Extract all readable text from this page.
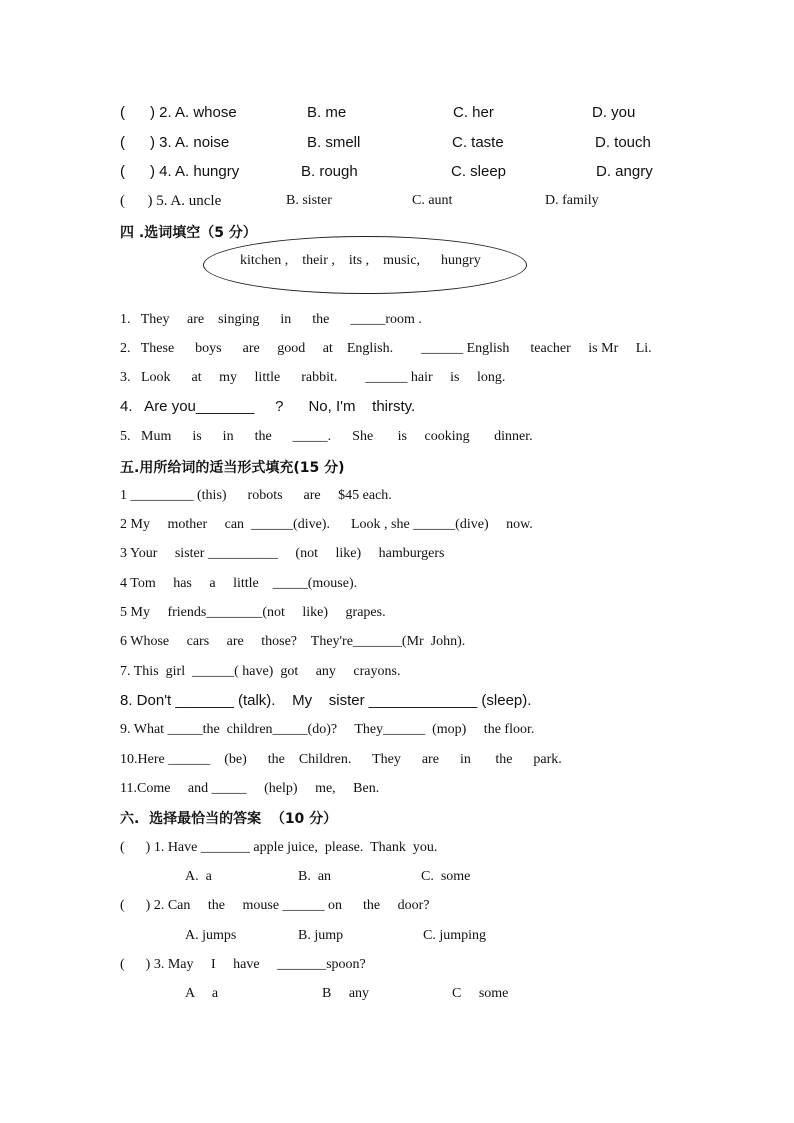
(      ) 2. A. whose	B. me	C. her	D. you
(      ) 3. A. noise	B. smell	C. taste	D. touch
(      ) 4. A. hungry	B. rough	C. sleep	D. angry
(      ) 5. A. uncle	B. sister	C. aunt	D. family
四 .选词填空（5 分）
kitchen ,    their ,    its ,    music,      hungry
1.   They     are    singing      in      the      _____room .
2.   These      boys      are     good     at    English.        ______ English      teacher     is Mr     Li.
3.   Look      at     my     little      rabbit.        ______ hair     is     long.
4.   Are you_______     ?      No, I'm    thirsty.
5.   Mum      is      in      the      _____.      She       is     cooking       dinner.
五.用所给词的适当形式填充(15 分)
1 _________ (this)      robots      are     $45 each.
2 My     mother     can  ______(dive).      Look , she ______(dive)     now.
3 Your     sister __________     (not     like)     hamburgers
4 Tom     has     a     little    _____(mouse).
5 My     friends________(not     like)     grapes.
6 Whose     cars     are     those?    They're_______(Mr  John).
7. This  girl  ______( have)  got     any     crayons.
8. Don't _______ (talk).    My    sister _____________ (sleep).
9. What _____the  children_____(do)?     They______  (mop)     the floor.
10.Here ______    (be)      the    Children.      They      are      in       the      park.
11.Come     and _____     (help)     me,     Ben.
六.  选择最恰当的答案  （10 分）
(      ) 1. Have _______ apple juice,  please.  Thank  you.
A.  a	B.  an	C.  some
(      ) 2. Can     the     mouse ______ on      the     door?
A. jumps	B. jump	C. jumping
(      ) 3. May     I     have     _______spoon?
A     a	B     any	C     some
